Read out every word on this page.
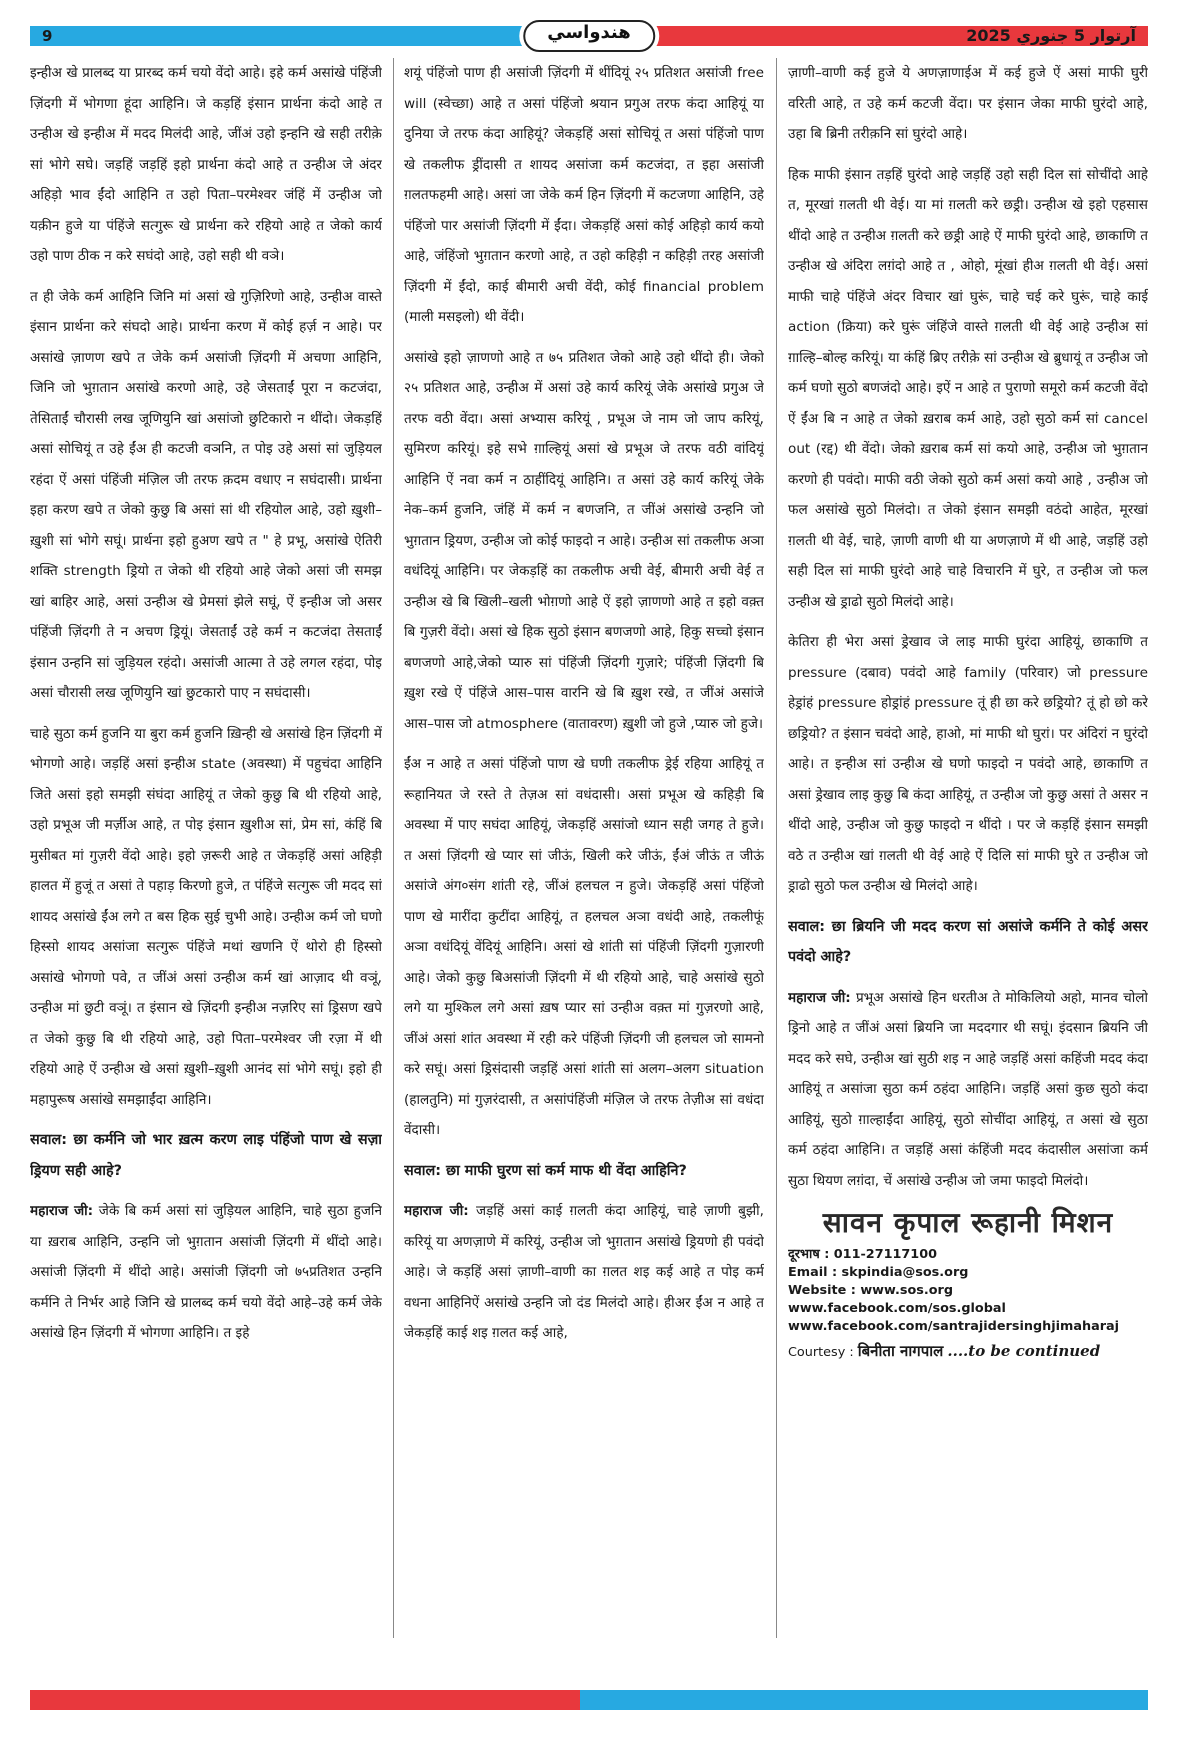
9	آرتوار 5 جنوري 2025
هندواسي

इन्हीअ खे प्रालब्द या प्रारब्द कर्म चयो वेंदो आहे। इहे कर्म असांखे पंहिंजी ज़िंदगी में भोगणा हूंदा आहिनि। जे कड़हिं इंसान प्रार्थना कंदो आहे त उन्हीअ खे इन्हीअ में मदद मिलंदी आहे, जींअं उहो इन्हनि खे सही तरीक़े सां भोगे सघे। जड़हिं जड़हिं इहो प्रार्थना कंदो आहे त उन्हीअ जे अंदर अहिड़ो भाव ईंदो आहिनि त उहो पिता–परमेश्वर जंहिं में उन्हीअ जो यक़ीन हुजे या पंहिंजे सत्गुरू खे प्रार्थना करे रहियो आहे त जेको कार्य उहो पाण ठीक न करे सघंदो आहे, उहो सही थी वञे।

त ही जेके कर्म आहिनि जिनि मां असां खे गुज़िरिणो आहे, उन्हीअ वास्ते इंसान प्रार्थना करे संघदो आहे। प्रार्थना करण में कोई हर्ज़ न आहे। पर असांखे ज़ाणण खपे त जेके कर्म असांजी ज़िंदगी में अचणा आहिनि, जिनि जो भुग़तान असांखे करणो आहे, उहे जेसताईं पूरा न कटजंदा, तेसिताईं चौरासी लख जूणियुनि खां असांजो छुटिकारो न थींदो। जेकड़हिं असां सोचियूं त उहे ईंअ ही कटजी वञनि, त पोइ उहे असां सां जुड़ियल रहंदा ऐं असां पंहिंजी मंज़िल जी तरफ क़दम वधाए न सघंदासी। प्रार्थना इहा करण खपे त जेको कुछु बि असां सां थी रहियोल आहे, उहो ख़ुशी–ख़ुशी सां भोगे सघूं। प्रार्थना इहो हुअण खपे त " हे प्रभू, असांखे ऐतिरी शक्ति strength ड्रियो त जेको थी रहियो आहे जेको असां जी समझ खां बाहिर आहे, असां उन्हीअ खे प्रेमसां झेले सघूं, ऐं इन्हीअ जो असर पंहिंजी ज़िंदगी ते न अचण ड्रियूं। जेसताईं उहे कर्म न कटजंदा तेसताईं इंसान उन्हनि सां जुड़ियल रहंदो। असांजी आत्मा ते उहे लगल रहंदा, पोइ असां चौरासी लख जूणियुनि खां छुटकारो पाए न सघंदासी।

चाहे सुठा कर्म हुजनि या बुरा कर्म हुजनि ख़िन्ही खे असांखे हिन ज़िंदगी में भोगणो आहे। जड़हिं असां इन्हीअ state (अवस्था) में पहुचंदा आहिनि जिते असां इहो समझी संघंदा आहियूं त जेको कुछु बि थी रहियो आहे, उहो प्रभूअ जी मर्ज़ीअ आहे, त पोइ इंसान ख़ुशीअ सां, प्रेम सां, कंहिं बि मुसीबत मां गुज़री वेंदो आहे। इहो ज़रूरी आहे त जेकड़हिं असां अहिड़ी हालत में हुजूं त असां ते पहाड़ किरणो हुजे, त पंहिंजे सत्गुरू जी मदद सां शायद असांखे ईंअ लगे त बस हिक सुई चुभी आहे। उन्हीअ कर्म जो घणो हिस्सो शायद असांजा सत्गुरू पंहिंजे मथां खणनि ऐं थोरो ही हिस्सो असांखे भोगणो पवे, त जींअं असां उन्हीअ कर्म खां आज़ाद थी वञूं, उन्हीअ मां छुटी वञूं। त इंसान खे ज़िंदगी इन्हीअ नज़रिए सां ड्रिसण खपे त जेको कुछु बि थी रहियो आहे, उहो पिता–परमेश्वर जी रज़ा में थी रहियो आहे ऐं उन्हीअ खे असां ख़ुशी–ख़ुशी आनंद सां भोगे सघूं। इहो ही महापुरूष असांखे समझाईंदा आहिनि।

सवाल: छा कर्मनि जो भार ख़त्म करण लाइ पंहिंजो पाण खे सज़ा ड्रियण सही आहे?

महाराज जी: जेके बि कर्म असां सां जुड़ियल आहिनि, चाहे सुठा हुजनि या ख़राब आहिनि, उन्हनि जो भुग़तान असांजी ज़िंदगी में थींदो आहे। असांजी ज़िंदगी में थींदो आहे। असांजी ज़िंदगी जो ७५प्रतिशत उन्हनि कर्मनि ते निर्भर आहे जिनि खे प्रालब्द कर्म चयो वेंदो आहे–उहे कर्म जेके असांखे हिन ज़िंदगी में भोगणा आहिनि। त इहे

शयूं पंहिंजो पाण ही असांजी ज़िंदगी में थींदियूं २५ प्रतिशत असांजी free will (स्वेच्छा) आहे त असां पंहिंजो श्रयान प्रगुअ तरफ कंदा आहियूं या दुनिया जे तरफ कंदा आहियूं? जेकड़हिं असां सोचियूं त असां पंहिंजो पाण खे तकलीफ ड्रींदासी त शायद असांजा कर्म कटजंदा, त इहा असांजी ग़लतफहमी आहे। असां जा जेके कर्म हिन ज़िंदगी में कटजणा आहिनि, उहे पंहिंजो पार असांजी ज़िंदगी में ईंदा। जेकड़हिं असां कोई अहिड़ो कार्य कयो आहे, जंहिंजो भुग़तान करणो आहे, त उहो कहिड़ी न कहिड़ी तरह असांजी ज़िंदगी में ईंदो, काई बीमारी अची वेंदी, कोई financial problem (माली मसइलो) थी वेंदी।

असांखे इहो ज़ाणणो आहे त ७५ प्रतिशत जेको आहे उहो थींदो ही। जेको २५ प्रतिशत आहे, उन्हीअ में असां उहे कार्य करियूं जेके असांखे प्रगुअ जे तरफ वठी वेंदा। असां अभ्यास करियूं , प्रभूअ जे नाम जो जाप करियूं, सुमिरण करियूं। इहे सभे ग़ाल्हियूं असां खे प्रभूअ जे तरफ वठी वांदियूं आहिनि ऐं नवा कर्म न ठाहींदियूं आहिनि। त असां उहे कार्य करियूं जेके नेक–कर्म हुजनि, जंहिं में कर्म न बणजनि, त जींअं असांखे उन्हनि जो भुग़तान ड्रियण, उन्हीअ जो कोई फाइदो न आहे। उन्हीअ सां तकलीफ अञा वधंदियूं आहिनि। पर जेकड़हिं का तकलीफ अची वेई, बीमारी अची वेई त उन्हीअ खे बि खिली–खली भोग़णो आहे ऐं इहो ज़ाणणो आहे त इहो वक़्त बि गुज़री वेंदो। असां खे हिक सुठो इंसान बणजणो आहे, हिकु सच्चो इंसान बणजणो आहे,जेको प्यारु सां पंहिंजी ज़िंदगी गुज़ारे; पंहिंजी ज़िंदगी बि ख़ुश रखे ऐं पंहिंजे आस–पास वारनि खे बि ख़ुश रखे, त जींअं असांजे आस–पास जो atmosphere (वातावरण) ख़ुशी जो हुजे ,प्यारु जो हुजे।

ईंअ न आहे त असां पंहिंजो पाण खे घणी तकलीफ ड्रेई रहिया आहियूं त रूहानियत जे रस्ते ते तेज़अ सां वधंदासी। असां प्रभूअ खे कहिड़ी बि अवस्था में पाए सघंदा आहियूं, जेकड़हिं असांजो ध्यान सही जगह ते हुजे। त असां ज़िंदगी खे प्यार सां जीऊं, खिली करे जीऊं, ईंअं जीऊं त जीऊं असांजे अंग०संग शांती रहे, जींअं हलचल न हुजे। जेकड़हिं असां पंहिंजो पाण खे मारींदा कुटींदा आहियूं, त हलचल अञा वधंदी आहे, तकलीफूं अञा वधंदियूं वेंदियूं आहिनि। असां खे शांती सां पंहिंजी ज़िंदगी गुज़ारणी आहे। जेको कुछु बिअसांजी ज़िंदगी में थी रहियो आहे, चाहे असांखे सुठो लगे या मुश्किल लगे असां ख़ष प्यार सां उन्हीअ वक़्त मां गुज़रणो आहे, जींअं असां शांत अवस्था में रही करे पंहिंजी ज़िंदगी जी हलचल जो सामनो करे सघूं। असां ड्रिसंदासी जड़हिं असां शांती सां अलग–अलग situation (हालतुनि) मां गुज़रंदासी, त असांपंहिंजी मंज़िल जे तरफ तेज़ीअ सां वधंदा वेंदासी।

सवाल: छा माफी घुरण सां कर्म माफ थी वेंदा आहिनि?

महाराज जी: जड़हिं असां काई ग़लती कंदा आहियूं, चाहे ज़ाणी बुझी, करियूं या अणज़ाणे में करियूं, उन्हीअ जो भुग़तान असांखे ड्रियणो ही पवंदो आहे। जे कड़हिं असां ज़ाणी–वाणी का ग़लत शइ कई आहे त पोइ कर्म वधना आहिनिऐं असांखे उन्हनि जो दंड मिलंदो आहे। हीअर ईंअ न आहे त जेकड़हिं काई शइ ग़लत कई आहे,

ज़ाणी–वाणी कई हुजे ये अणज़ाणाईअ में कई हुजे ऐं असां माफी घुरी वरिती आहे, त उहे कर्म कटजी वेंदा। पर इंसान जेका माफी घुरंदो आहे, उहा बि ब्रिनी तरीक़नि सां घुरंदो आहे।

हिक माफी इंसान तड़हिं घुरंदो आहे जड़हिं उहो सही दिल सां सोचींदो आहे त, मूरखां ग़लती थी वेई। या मां ग़लती करे छड्री। उन्हीअ खे इहो एहसास थींदो आहे त उन्हीअ ग़लती करे छड्री आहे ऐं माफी घुरंदो आहे, छाकाणि त उन्हीअ खे अंदिरा लग़ंदो आहे त , ओहो, मूंखां हीअ ग़लती थी वेई। असां माफी चाहे पंहिंजे अंदर विचार खां घुरूं, चाहे चई करे घुरूं, चाहे काई action (क्रिया) करे घुरूं जंहिंजे वास्ते ग़लती थी वेई आहे उन्हीअ सां ग़ाल्हि–बोल्ह करियूं। या कंहिं ब्रिए तरीक़े सां उन्हीअ खे ब्रुधायूं त उन्हीअ जो कर्म घणो सुठो बणजंदो आहे। इऐं न आहे त पुराणो समूरो कर्म कटजी वेंदो ऐं ईंअ बि न आहे त जेको ख़राब कर्म आहे, उहो सुठो कर्म सां cancel out (रद्द) थी वेंदो। जेको ख़राब कर्म सां कयो आहे, उन्हीअ जो भुग़तान करणो ही पवंदो। माफी वठी जेको सुठो कर्म असां कयो आहे , उन्हीअ जो फल असांखे सुठो मिलंदो। त जेको इंसान समझी वठंदो आहेत, मूरखां ग़लती थी वेई, चाहे, ज़ाणी वाणी थी या अणज़ाणे में थी आहे, जड़हिं उहो सही दिल सां माफी घुरंदो आहे चाहे विचारनि में घुरे, त उन्हीअ जो फल उन्हीअ खे ड्राढो सुठो मिलंदो आहे।

केतिरा ही भेरा असां ड्रेखाव जे लाइ माफी घुरंदा आहियूं, छाकाणि त pressure (दबाव) पवंदो आहे family (परिवार) जो pressure हेड्रांहं pressure होड्रांहं pressure तूं ही छा करे छड्रियो? तूं हो छो करे छड्रियो? त इंसान चवंदो आहे, हाओ, मां माफी थो घुरां। पर अंदिरां न घुरंदो आहे। त इन्हीअ सां उन्हीअ खे घणो फाइदो न पवंदो आहे, छाकाणि त असां ड्रेखाव लाइ कुछु बि कंदा आहियूं, त उन्हीअ जो कुछु असां ते असर न थींदो आहे, उन्हीअ जो कुछु फाइदो न थींदो । पर जे कड़हिं इंसान समझी वठे त उन्हीअ खां ग़लती थी वेई आहे ऐं दिलि सां माफी घुरे त उन्हीअ जो ड्राढो सुठो फल उन्हीअ खे मिलंदो आहे।

सवाल: छा ब्रियनि जी मदद करण सां असांजे कर्मनि ते कोई असर पवंदो आहे?

महाराज जी: प्रभूअ असांखे हिन धरतीअ ते मोकिलियो अहो, मानव चोलो ड्रिनो आहे त जींअं असां ब्रियनि जा मददगार थी सघूं। इंदसान ब्रियनि जी मदद करे सघे, उन्हीअ खां सुठी शइ न आहे जड़हिं असां कहिंजी मदद कंदा आहियूं त असांजा सुठा कर्म ठहंदा आहिनि। जड़हिं असां कुछ सुठो कंदा आहियूं, सुठो ग़ाल्हाईंदा आहियूं, सुठो सोचींदा आहियूं, त असां खे सुठा कर्म ठहंदा आहिनि। त जड़हिं असां कंहिंजी मदद कंदासील असांजा कर्म सुठा थियण लग़ंदा, चें असांखे उन्हीअ जो जमा फाइदो मिलंदो।

सावन कृपाल रूहानी मिशन
दूरभाष : 011-27117100
Email : skpindia@sos.org
Website : www.sos.org
www.facebook.com/sos.global
www.facebook.com/santrajidersinghjimaharaj
Courtesy : बिनीता नागपाल ....to be continued
